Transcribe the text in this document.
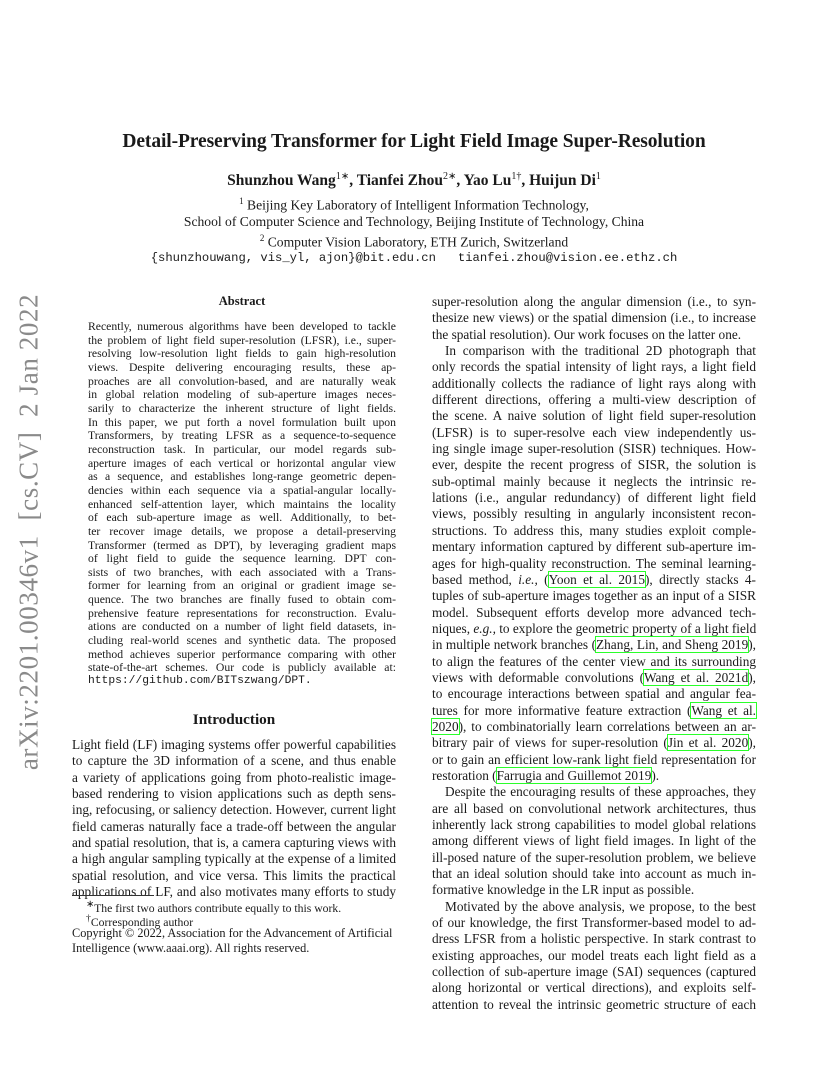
Detail-Preserving Transformer for Light Field Image Super-Resolution
Shunzhou Wang$^{1∗}$, Tianfei Zhou$^{2∗}$, Yao $Lu^{1\dagger}$, Huijun Di$^1$
$^1$ Beijing Key Laboratory of Intelligent Information Technology,
School of Computer Science and Technology, Beijing Institute of Technology, China
$^2$ Computer Vision Laboratory, ETH Zurich, Switzerland
{shunzhouwang, vis_yl, ajon}@bit.edu.cn   tianfei.zhou@vision.ee.ethz.ch
arXiv:2201.00346v1  [cs.CV]  2 Jan 2022	Abstract
Recently, numerous algorithms have been developed to tackle
the problem of light field super-resolution (LFSR), i.e., super-
resolving low-resolution light fields to gain high-resolution
views. Despite delivering encouraging results, these ap-
proaches are all convolution-based, and are naturally weak
in global relation modeling of sub-aperture images neces-
sarily to characterize the inherent structure of light fields.
In this paper, we put forth a novel formulation built upon
Transformers, by treating LFSR as a sequence-to-sequence
reconstruction task. In particular, our model regards sub-
aperture images of each vertical or horizontal angular view
as a sequence, and establishes long-range geometric depen-
dencies within each sequence via a spatial-angular locally-
enhanced self-attention layer, which maintains the locality
of each sub-aperture image as well. Additionally, to bet-
ter recover image details, we propose a detail-preserving
Transformer (termed as DPT), by leveraging gradient maps
of light field to guide the sequence learning. DPT con-
sists of two branches, with each associated with a Trans-
former for learning from an original or gradient image se-
quence. The two branches are finally fused to obtain com-
prehensive feature representations for reconstruction. Evalu-
ations are conducted on a number of light field datasets, in-
cluding real-world scenes and synthetic data. The proposed
method achieves superior performance comparing with other
state-of-the-art schemes. Our code is publicly available at:
https://github.com/BITszwang/DPT.
Introduction
Light field (LF) imaging systems offer powerful capabilities
to capture the 3D information of a scene, and thus enable
a variety of applications going from photo-realistic image-
based rendering to vision applications such as depth sens-
ing, refocusing, or saliency detection. However, current light
field cameras naturally face a trade-off between the angular
and spatial resolution, that is, a camera capturing views with
a high angular sampling typically at the expense of a limited
spatial resolution, and vice versa. This limits the practical
applications of LF, and also motivates many efforts to study
∗The first two authors contribute equally to this work.
†Corresponding author
Copyright © 2022, Association for the Advancement of Artificial
Intelligence (www.aaai.org). All rights reserved.
super-resolution along the angular dimension (i.e., to syn-
thesize new views) or the spatial dimension (i.e., to increase
the spatial resolution). Our work focuses on the latter one.
In comparison with the traditional 2D photograph that
only records the spatial intensity of light rays, a light field
additionally collects the radiance of light rays along with
different directions, offering a multi-view description of
the scene. A naive solution of light field super-resolution
(LFSR) is to super-resolve each view independently us-
ing single image super-resolution (SISR) techniques. How-
ever, despite the recent progress of SISR, the solution is
sub-optimal mainly because it neglects the intrinsic re-
lations (i.e., angular redundancy) of different light field
views, possibly resulting in angularly inconsistent recon-
structions. To address this, many studies exploit comple-
mentary information captured by different sub-aperture im-
ages for high-quality reconstruction. The seminal learning-
based method, i.e., (Yoon et al. 2015), directly stacks 4-
tuples of sub-aperture images together as an input of a SISR
model. Subsequent efforts develop more advanced tech-
niques, e.g., to explore the geometric property of a light field
in multiple network branches (Zhang, Lin, and Sheng 2019),
to align the features of the center view and its surrounding
views with deformable convolutions (Wang et al. 2021d),
to encourage interactions between spatial and angular fea-
tures for more informative feature extraction (Wang et al.
2020), to combinatorially learn correlations between an ar-
bitrary pair of views for super-resolution (Jin et al. 2020),
or to gain an efficient low-rank light field representation for
restoration (Farrugia and Guillemot 2019).
Despite the encouraging results of these approaches, they
are all based on convolutional network architectures, thus
inherently lack strong capabilities to model global relations
among different views of light field images. In light of the
ill-posed nature of the super-resolution problem, we believe
that an ideal solution should take into account as much in-
formative knowledge in the LR input as possible.
Motivated by the above analysis, we propose, to the best
of our knowledge, the first Transformer-based model to ad-
dress LFSR from a holistic perspective. In stark contrast to
existing approaches, our model treats each light field as a
collection of sub-aperture image (SAI) sequences (captured
along horizontal or vertical directions), and exploits self-
attention to reveal the intrinsic geometric structure of each
